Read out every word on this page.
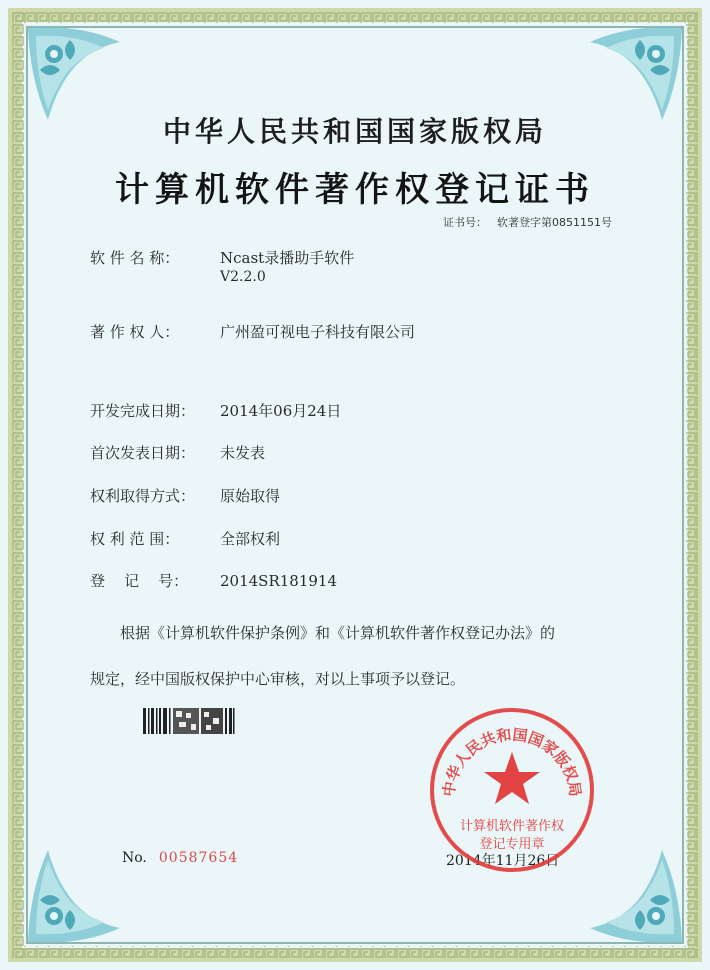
中华人民共和国国家版权局
计算机软件著作权登记证书
证书号： 软著登字第0851151号
软 件 名 称：	Ncast录播助手软件
V2.2.0
著 作 权 人：	广州盈可视电子科技有限公司
开发完成日期： 2014年06月24日
首次发表日期： 未发表
权利取得方式： 原始取得
权 利 范 围：	全部权利
登    记    号： 2014SR181914
根据《计算机软件保护条例》和《计算机软件著作权登记办法》的
规定，经中国版权保护中心审核，对以上事项予以登记。
No. 00587654	2014年11月26日
中华人民共和国国家版权局
计算机软件著作权
登记专用章
